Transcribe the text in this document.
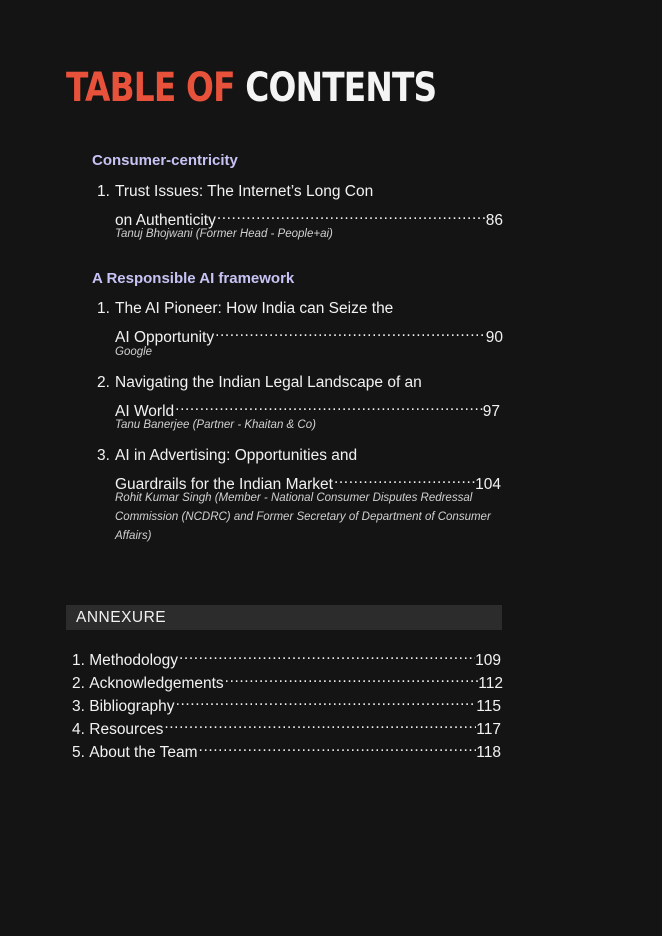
TABLE OF CONTENTS
Consumer-centricity
1. Trust Issues: The Internet’s Long Con
on Authenticity .....	86
Tanuj Bhojwani (Former Head - People+ai)
A Responsible AI framework
1. The AI Pioneer: How India can Seize the
AI Opportunity .....	90
Google
2. Navigating the Indian Legal Landscape of an
AI World .....	97
Tanu Banerjee (Partner - Khaitan & Co)
3. AI in Advertising: Opportunities and
Guardrails for the Indian Market .....	104
Rohit Kumar Singh (Member - National Consumer Disputes Redressal Commission (NCDRC) and Former Secretary of Department of Consumer Affairs)
ANNEXURE
1.
Methodology .....	109
2.
Acknowledgements .....	112
3.
Bibliography .....	115
4.
Resources .....	117
5.
About the Team .....	118
